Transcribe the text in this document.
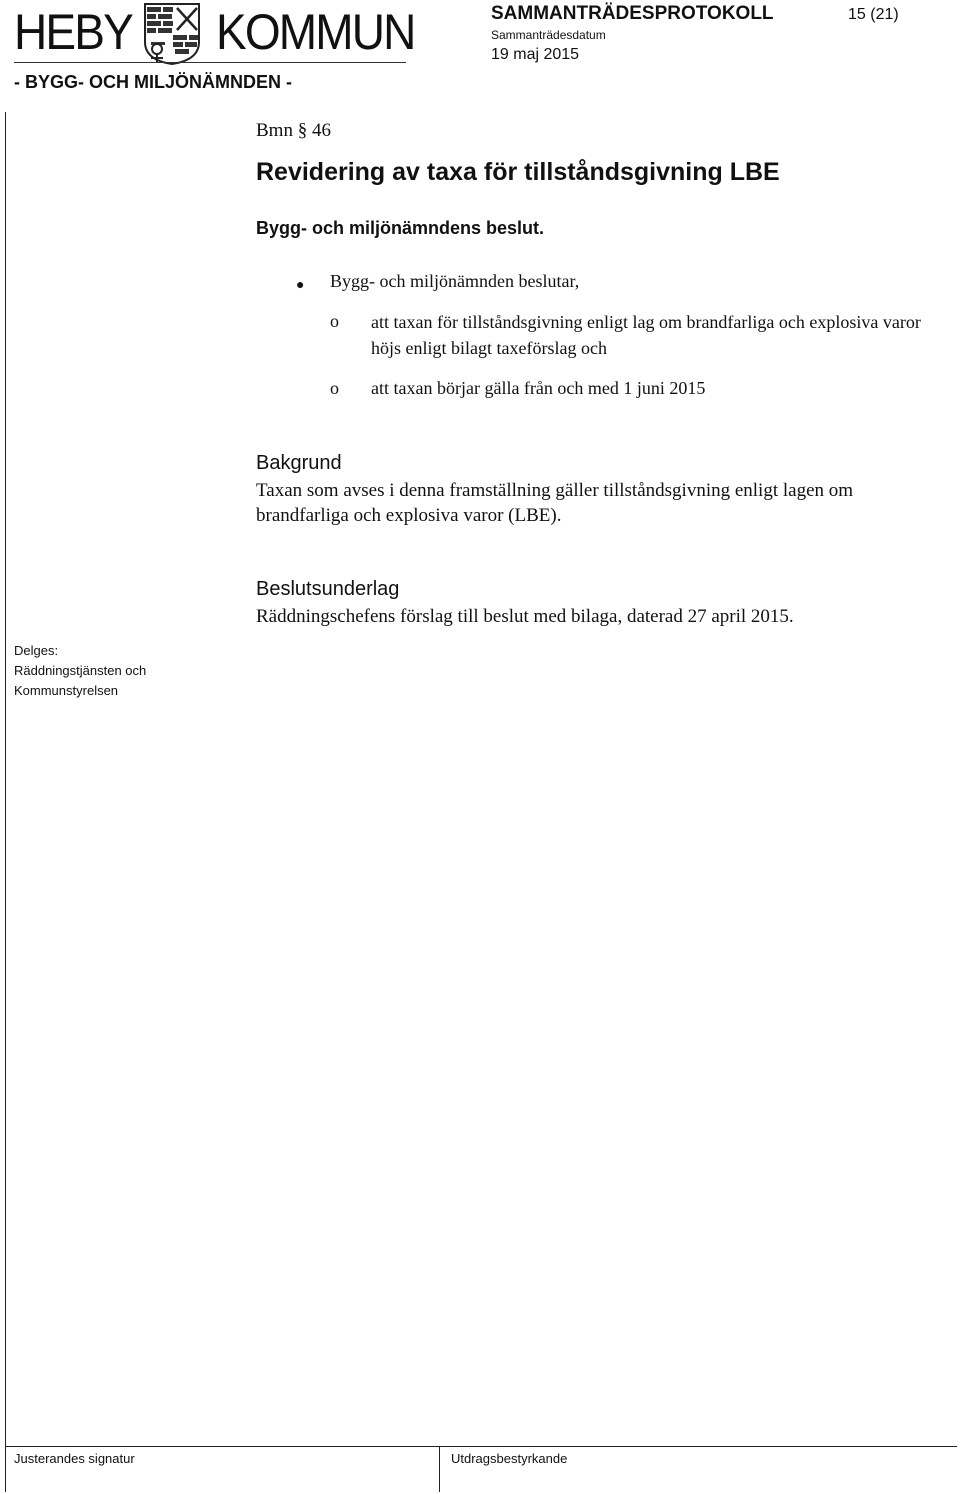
HEBY KOMMUN	SAMMANTRÄDESPROTOKOLL
Sammanträdesdatum
19 maj 2015
15 (21)
- BYGG- OCH MILJÖNÄMNDEN -
Bmn § 46
Revidering av taxa för tillståndsgivning LBE
Bygg- och miljönämndens beslut.
● Bygg- och miljönämnden beslutar,
o att taxan för tillståndsgivning enligt lag om brandfarliga och explosiva varor höjs enligt bilagt taxeförslag och
o att taxan börjar gälla från och med 1 juni 2015
Bakgrund
Taxan som avses i denna framställning gäller tillståndsgivning enligt lagen om brandfarliga och explosiva varor (LBE).
Beslutsunderlag
Räddningschefens förslag till beslut med bilaga, daterad 27 april 2015.
Delges:
Räddningstjänsten och
Kommunstyrelsen
Justerandes signatur	Utdragsbestyrkande
